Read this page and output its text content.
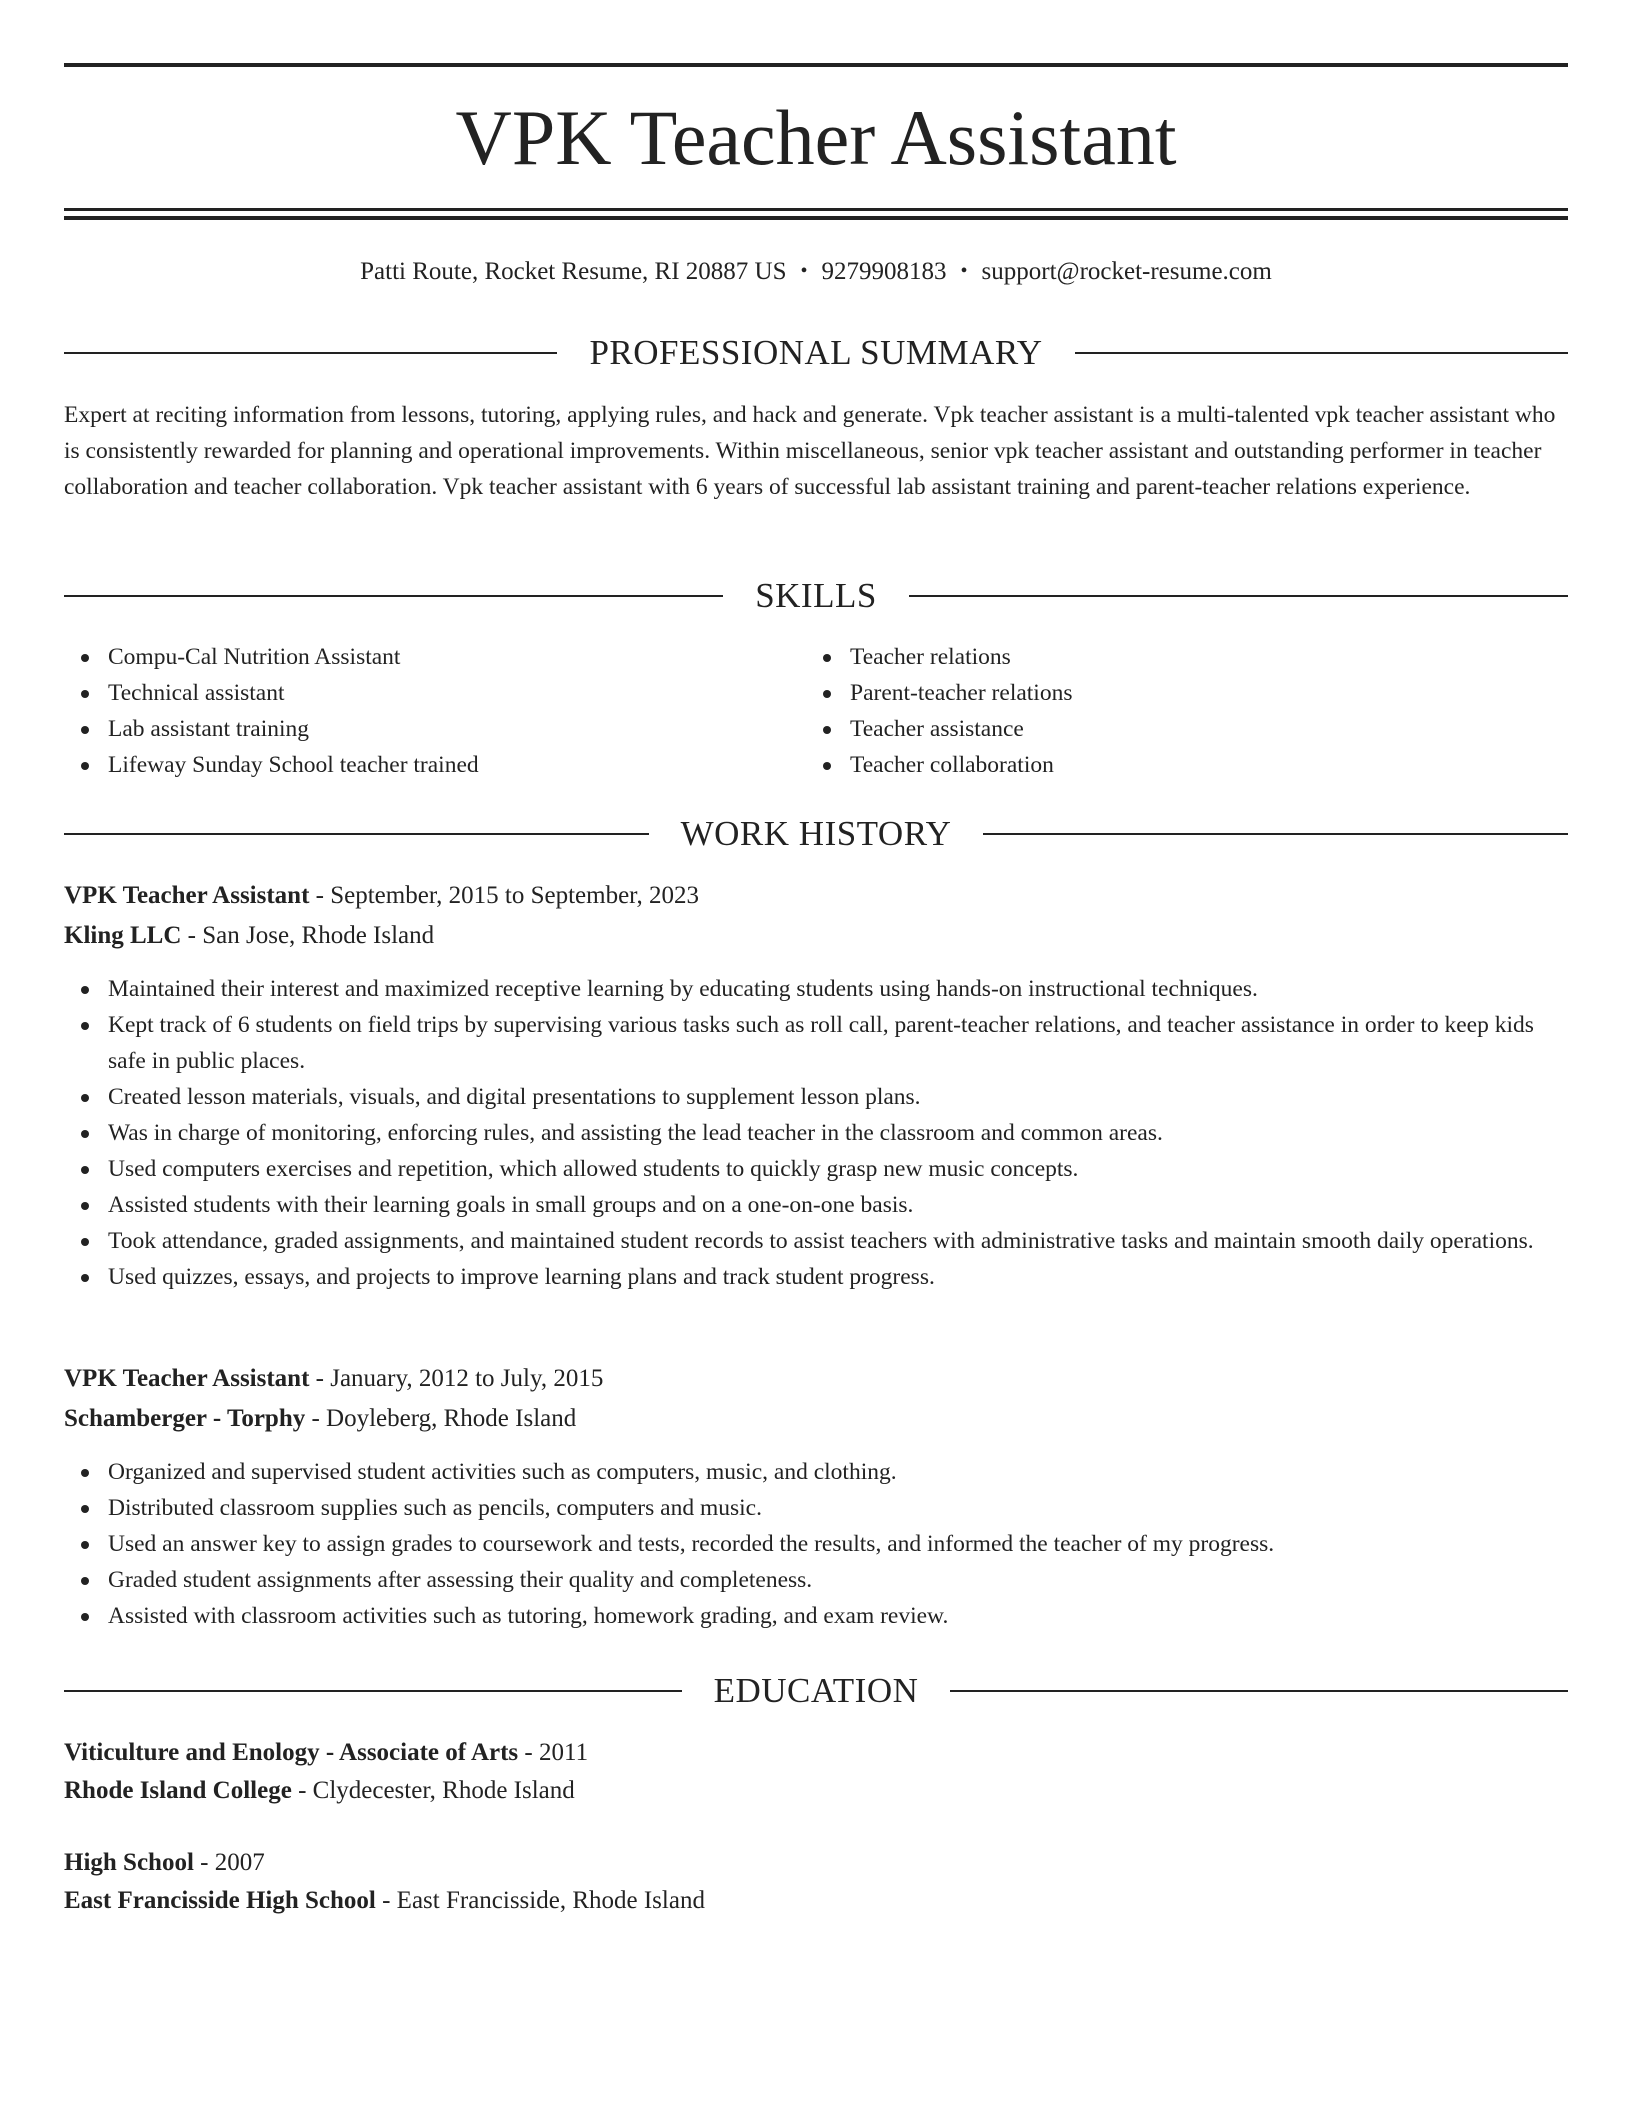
VPK Teacher Assistant
Patti Route, Rocket Resume, RI 20887 US • 9279908183 • support@rocket-resume.com
PROFESSIONAL SUMMARY

Expert at reciting information from lessons, tutoring, applying rules, and hack and generate. Vpk teacher assistant is a multi-talented vpk teacher assistant who is consistently rewarded for planning and operational improvements. Within miscellaneous, senior vpk teacher assistant and outstanding performer in teacher collaboration and teacher collaboration. Vpk teacher assistant with 6 years of successful lab assistant training and parent-teacher relations experience.

SKILLS
Compu-Cal Nutrition Assistant
Technical assistant
Lab assistant training
Lifeway Sunday School teacher trained
Teacher relations
Parent-teacher relations
Teacher assistance
Teacher collaboration
WORK HISTORY
VPK Teacher Assistant - September, 2015 to September, 2023
Kling LLC - San Jose, Rhode Island
Maintained their interest and maximized receptive learning by educating students using hands-on instructional techniques.
Kept track of 6 students on field trips by supervising various tasks such as roll call, parent-teacher relations, and teacher assistance in order to keep kids safe in public places.
Created lesson materials, visuals, and digital presentations to supplement lesson plans.
Was in charge of monitoring, enforcing rules, and assisting the lead teacher in the classroom and common areas.
Used computers exercises and repetition, which allowed students to quickly grasp new music concepts.
Assisted students with their learning goals in small groups and on a one-on-one basis.
Took attendance, graded assignments, and maintained student records to assist teachers with administrative tasks and maintain smooth daily operations.
Used quizzes, essays, and projects to improve learning plans and track student progress.
VPK Teacher Assistant - January, 2012 to July, 2015
Schamberger - Torphy - Doyleberg, Rhode Island
Organized and supervised student activities such as computers, music, and clothing.
Distributed classroom supplies such as pencils, computers and music.
Used an answer key to assign grades to coursework and tests, recorded the results, and informed the teacher of my progress.
Graded student assignments after assessing their quality and completeness.
Assisted with classroom activities such as tutoring, homework grading, and exam review.
EDUCATION
Viticulture and Enology - Associate of Arts - 2011
Rhode Island College - Clydecester, Rhode Island
High School - 2007
East Francisside High School - East Francisside, Rhode Island
